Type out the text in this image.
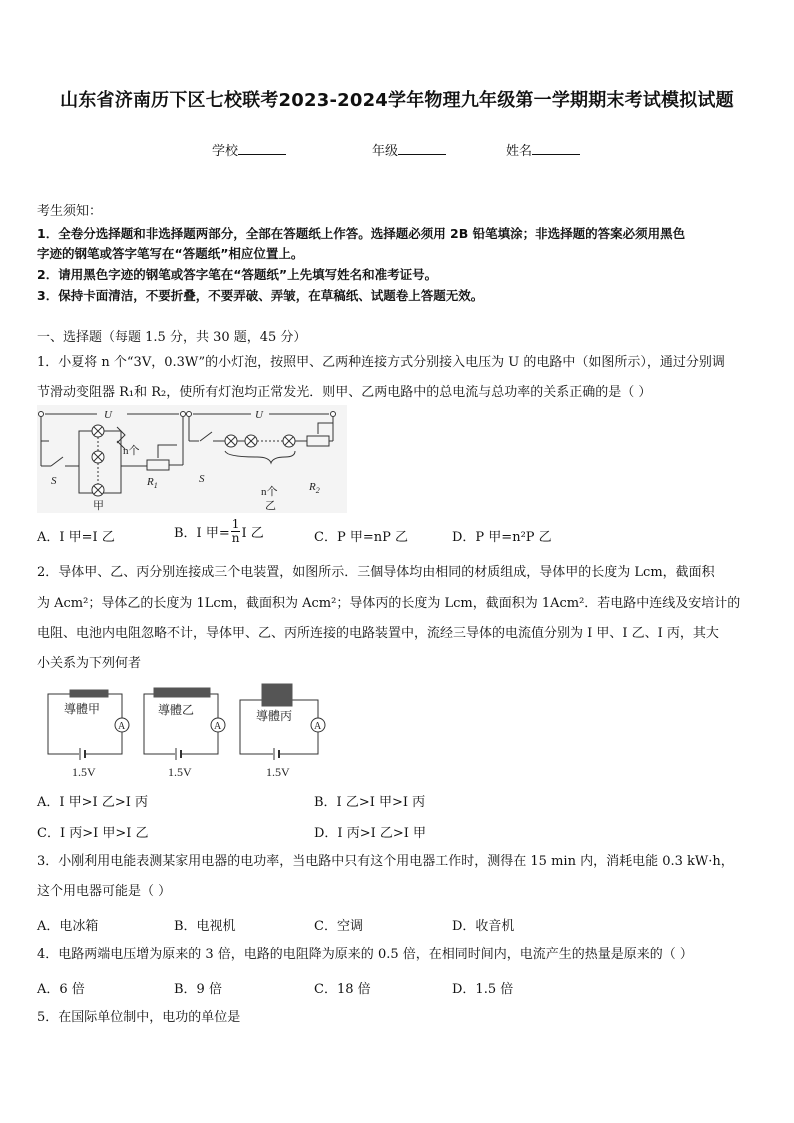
山东省济南历下区七校联考2023-2024学年物理九年级第一学期期末考试模拟试题
学校	年级	姓名
考生须知：
1．全卷分选择题和非选择题两部分，全部在答题纸上作答。选择题必须用 2B 铅笔填涂；非选择题的答案必须用黑色
字迹的钢笔或答字笔写在“答题纸”相应位置上。
2．请用黑色字迹的钢笔或答字笔在“答题纸”上先填写姓名和准考证号。
3．保持卡面清洁，不要折叠，不要弄破、弄皱，在草稿纸、试题卷上答题无效。
一、选择题（每题 1.5 分，共 30 题，45 分）
1．小夏将 n 个“3V，0.3W”的小灯泡，按照甲、乙两种连接方式分别接入电压为 U 的电路中（如图所示），通过分别调
节滑动变阻器 R₁和 R₂，使所有灯泡均正常发光．则甲、乙两电路中的总电流与总功率的关系正确的是（ ）
U	U
S	S
$R_1$	$R_2$
n个
n个
甲	乙
A．I 甲=I 乙	B．I 甲= $\frac{1}{n}$ I 乙	C．P 甲=nP 乙	D．P 甲=n²P 乙
2．导体甲、乙、丙分别连接成三个电装置，如图所示．三個导体均由相同的材质组成，导体甲的长度为 Lcm，截面积
为 Acm²；导体乙的长度为 1Lcm，截面积为 Acm²；导体丙的长度为 Lcm，截面积为 1Acm²．若电路中连线及安培计的
电阻、电池内电阻忽略不计，导体甲、乙、丙所连接的电路装置中，流经三导体的电流值分别为 I 甲、I 乙、I 丙，其大
小关系为下列何者
A	A	A
導體甲	導體乙	導體丙
1.5V	1.5V	1.5V
A．I 甲>I 乙>I 丙	B．I 乙>I 甲>I 丙
C．I 丙>I 甲>I 乙	D．I 丙>I 乙>I 甲
3．小刚利用电能表测某家用电器的电功率，当电路中只有这个用电器工作时，测得在 15 min 内，消耗电能 0.3 kW·h，
这个用电器可能是（ ）
A．电冰箱	B．电视机	C．空调	D．收音机
4．电路两端电压增为原来的 3 倍，电路的电阻降为原来的 0.5 倍，在相同时间内，电流产生的热量是原来的（ ）
A．6 倍	B．9 倍	C．18 倍	D．1.5 倍
5．在国际单位制中，电功的单位是
